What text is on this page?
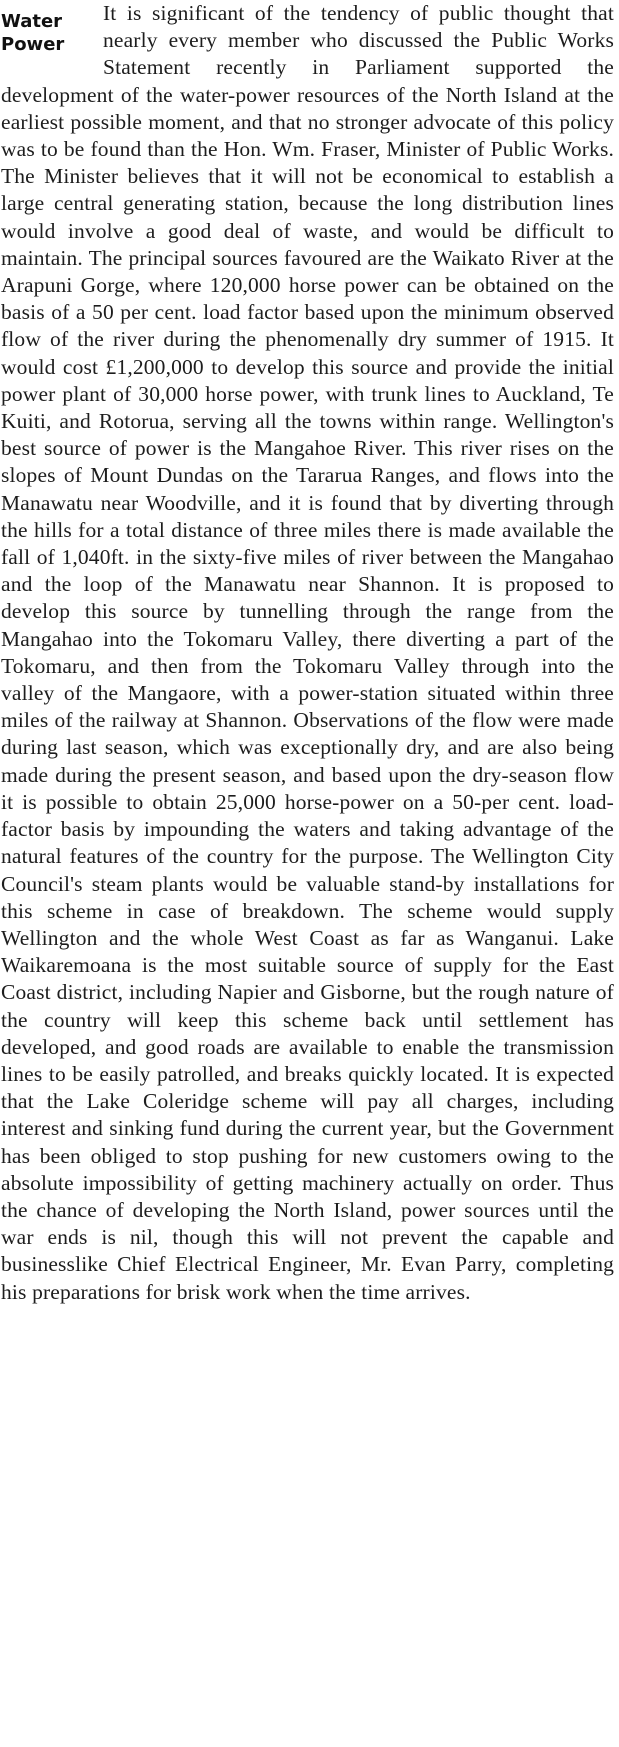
Water
Power

It is significant of the tendency of public thought that nearly every member who discussed the Public Works Statement recently in Parliament supported the development of the water-power resources of the North Island at the earliest possible moment, and that no stronger advocate of this policy was to be found than the Hon. Wm. Fraser, Minister of Public Works. The Minister believes that it will not be economical to establish a large central generating station, because the long distribution lines would involve a good deal of waste, and would be difficult to maintain. The principal sources favoured are the Waikato River at the Arapuni Gorge, where 120,000 horse power can be obtained on the basis of a 50 per cent. load factor based upon the minimum observed flow of the river during the phenomenally dry summer of 1915. It would cost £1,200,000 to develop this source and provide the initial power plant of 30,000 horse power, with trunk lines to Auckland, Te Kuiti, and Rotorua, serving all the towns within range. Wellington's best source of power is the Mangahoe River. This river rises on the slopes of Mount Dundas on the Tararua Ranges, and flows into the Manawatu near Woodville, and it is found that by diverting through the hills for a total distance of three miles there is made available the fall of 1,040ft. in the sixty-five miles of river between the Mangahao and the loop of the Manawatu near Shannon. It is proposed to develop this source by tunnelling through the range from the Mangahao into the Tokomaru Valley, there diverting a part of the Tokomaru, and then from the Tokomaru Valley through into the valley of the Mangaore, with a power-station situated within three miles of the railway at Shannon. Observations of the flow were made during last season, which was exceptionally dry, and are also being made during the present season, and based upon the dry-season flow it is possible to obtain 25,000 horse-power on a 50-per cent. load-factor basis by impounding the waters and taking advantage of the natural features of the country for the purpose. The Wellington City Council's steam plants would be valuable stand-by installations for this scheme in case of breakdown. The scheme would supply Wellington and the whole West Coast as far as Wanganui. Lake Waikaremoana is the most suitable source of supply for the East Coast district, including Napier and Gisborne, but the rough nature of the country will keep this scheme back until settlement has developed, and good roads are available to enable the transmission lines to be easily patrolled, and breaks quickly located. It is expected that the Lake Coleridge scheme will pay all charges, including interest and sinking fund during the current year, but the Government has been obliged to stop pushing for new customers owing to the absolute impossibility of getting machinery actually on order. Thus the chance of developing the North Island, power sources until the war ends is nil, though this will not prevent the capable and businesslike Chief Electrical Engineer, Mr. Evan Parry, completing his preparations for brisk work when the time arrives.
